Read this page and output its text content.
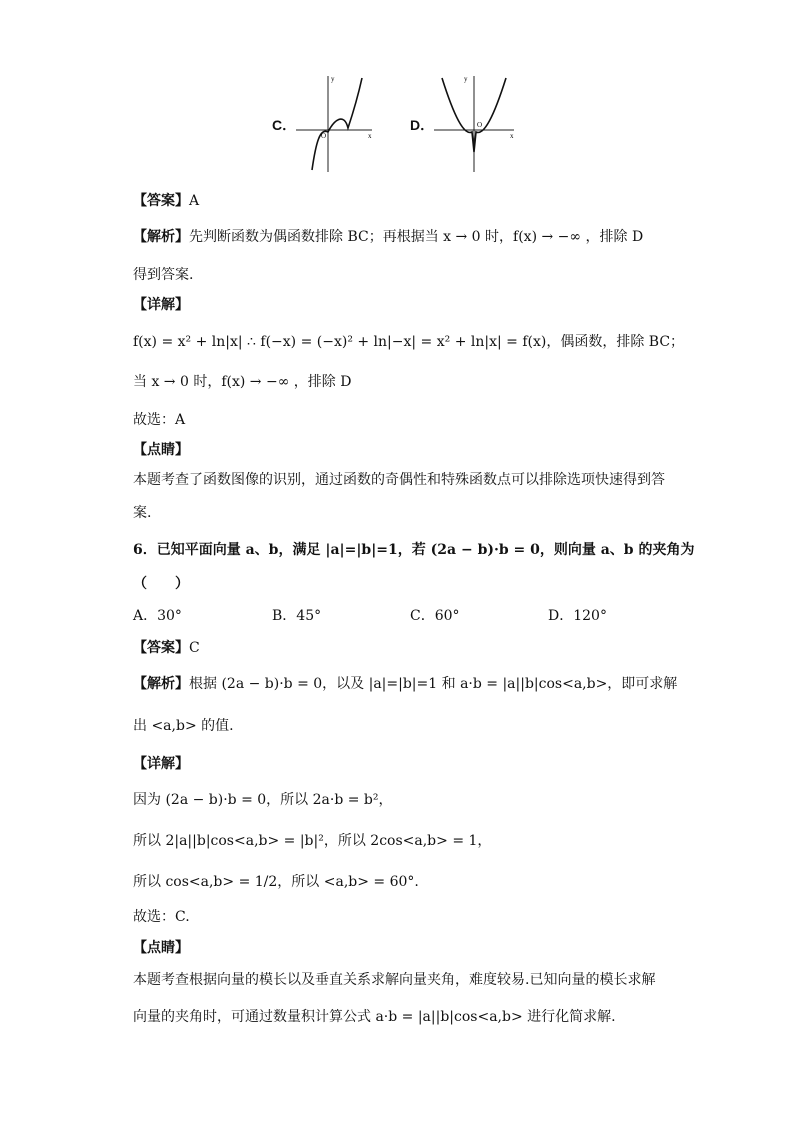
C．
y
x
O
D．
y
x
O
【答案】A
【解析】先判断函数为偶函数排除 BC；再根据当 x → 0 时，f(x) → −∞ ，排除 D
得到答案.
【详解】
f(x) = x² + ln|x| ∴ f(−x) = (−x)² + ln|−x| = x² + ln|x| = f(x)，偶函数，排除 BC；
当 x → 0 时，f(x) → −∞ ，排除 D
故选：A
【点睛】
本题考查了函数图像的识别，通过函数的奇偶性和特殊函数点可以排除选项快速得到答
案.
6．已知平面向量 a、b，满足 |a|=|b|=1，若 (2a − b)·b = 0，则向量 a、b 的夹角为
（　　）
A．30°	B．45°	C．60°	D．120°
【答案】C
【解析】根据 (2a − b)·b = 0，以及 |a|=|b|=1 和 a·b = |a||b|cos<a,b>，即可求解
出 <a,b> 的值.
【详解】
因为 (2a − b)·b = 0，所以 2a·b = b²，
所以 2|a||b|cos<a,b> = |b|²，所以 2cos<a,b> = 1，
所以 cos<a,b> = 1/2，所以 <a,b> = 60°.
故选：C.
【点睛】
本题考查根据向量的模长以及垂直关系求解向量夹角，难度较易.已知向量的模长求解
向量的夹角时，可通过数量积计算公式 a·b = |a||b|cos<a,b> 进行化简求解.
